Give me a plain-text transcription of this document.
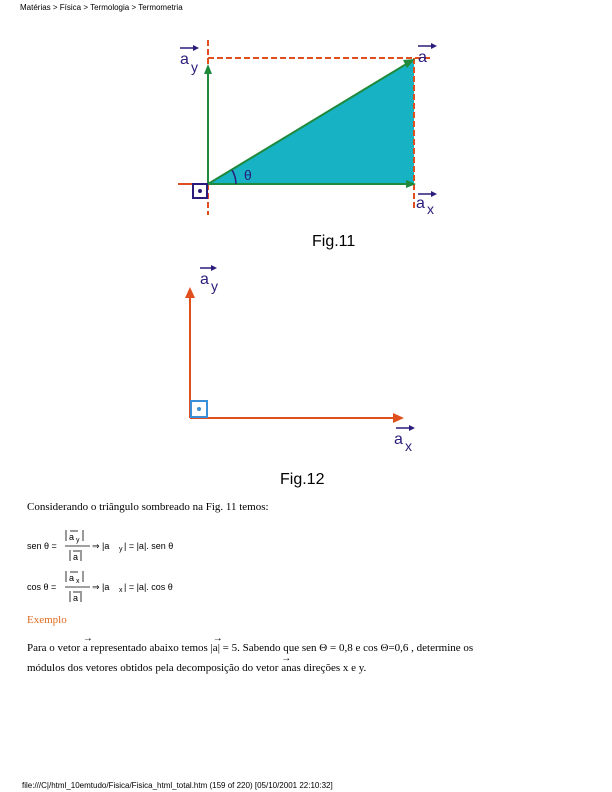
Matérias > Física > Termologia > Termometria
θ
a y
a
a x
Fig.11
a y
a x
Fig.12
sen θ =
a y
a
⇒ |a y | = |a|. sen θ
cos θ =
a x
a
⇒ |a x | = |a|. cos θ
Considerando o triângulo sombreado na Fig. 11 temos:
Exemplo
Para o vetor
→
a representado abaixo temos |
→
a| = 5. Sabendo que sen Θ = 0,8 e cos Θ=0,6 , determine os
módulos dos vetores obtidos pela decomposição do vetor
→
anas direções x e y.
file:///C|/html_10emtudo/Fisica/Fisica_html_total.htm (159 of 220) [05/10/2001 22:10:32]
